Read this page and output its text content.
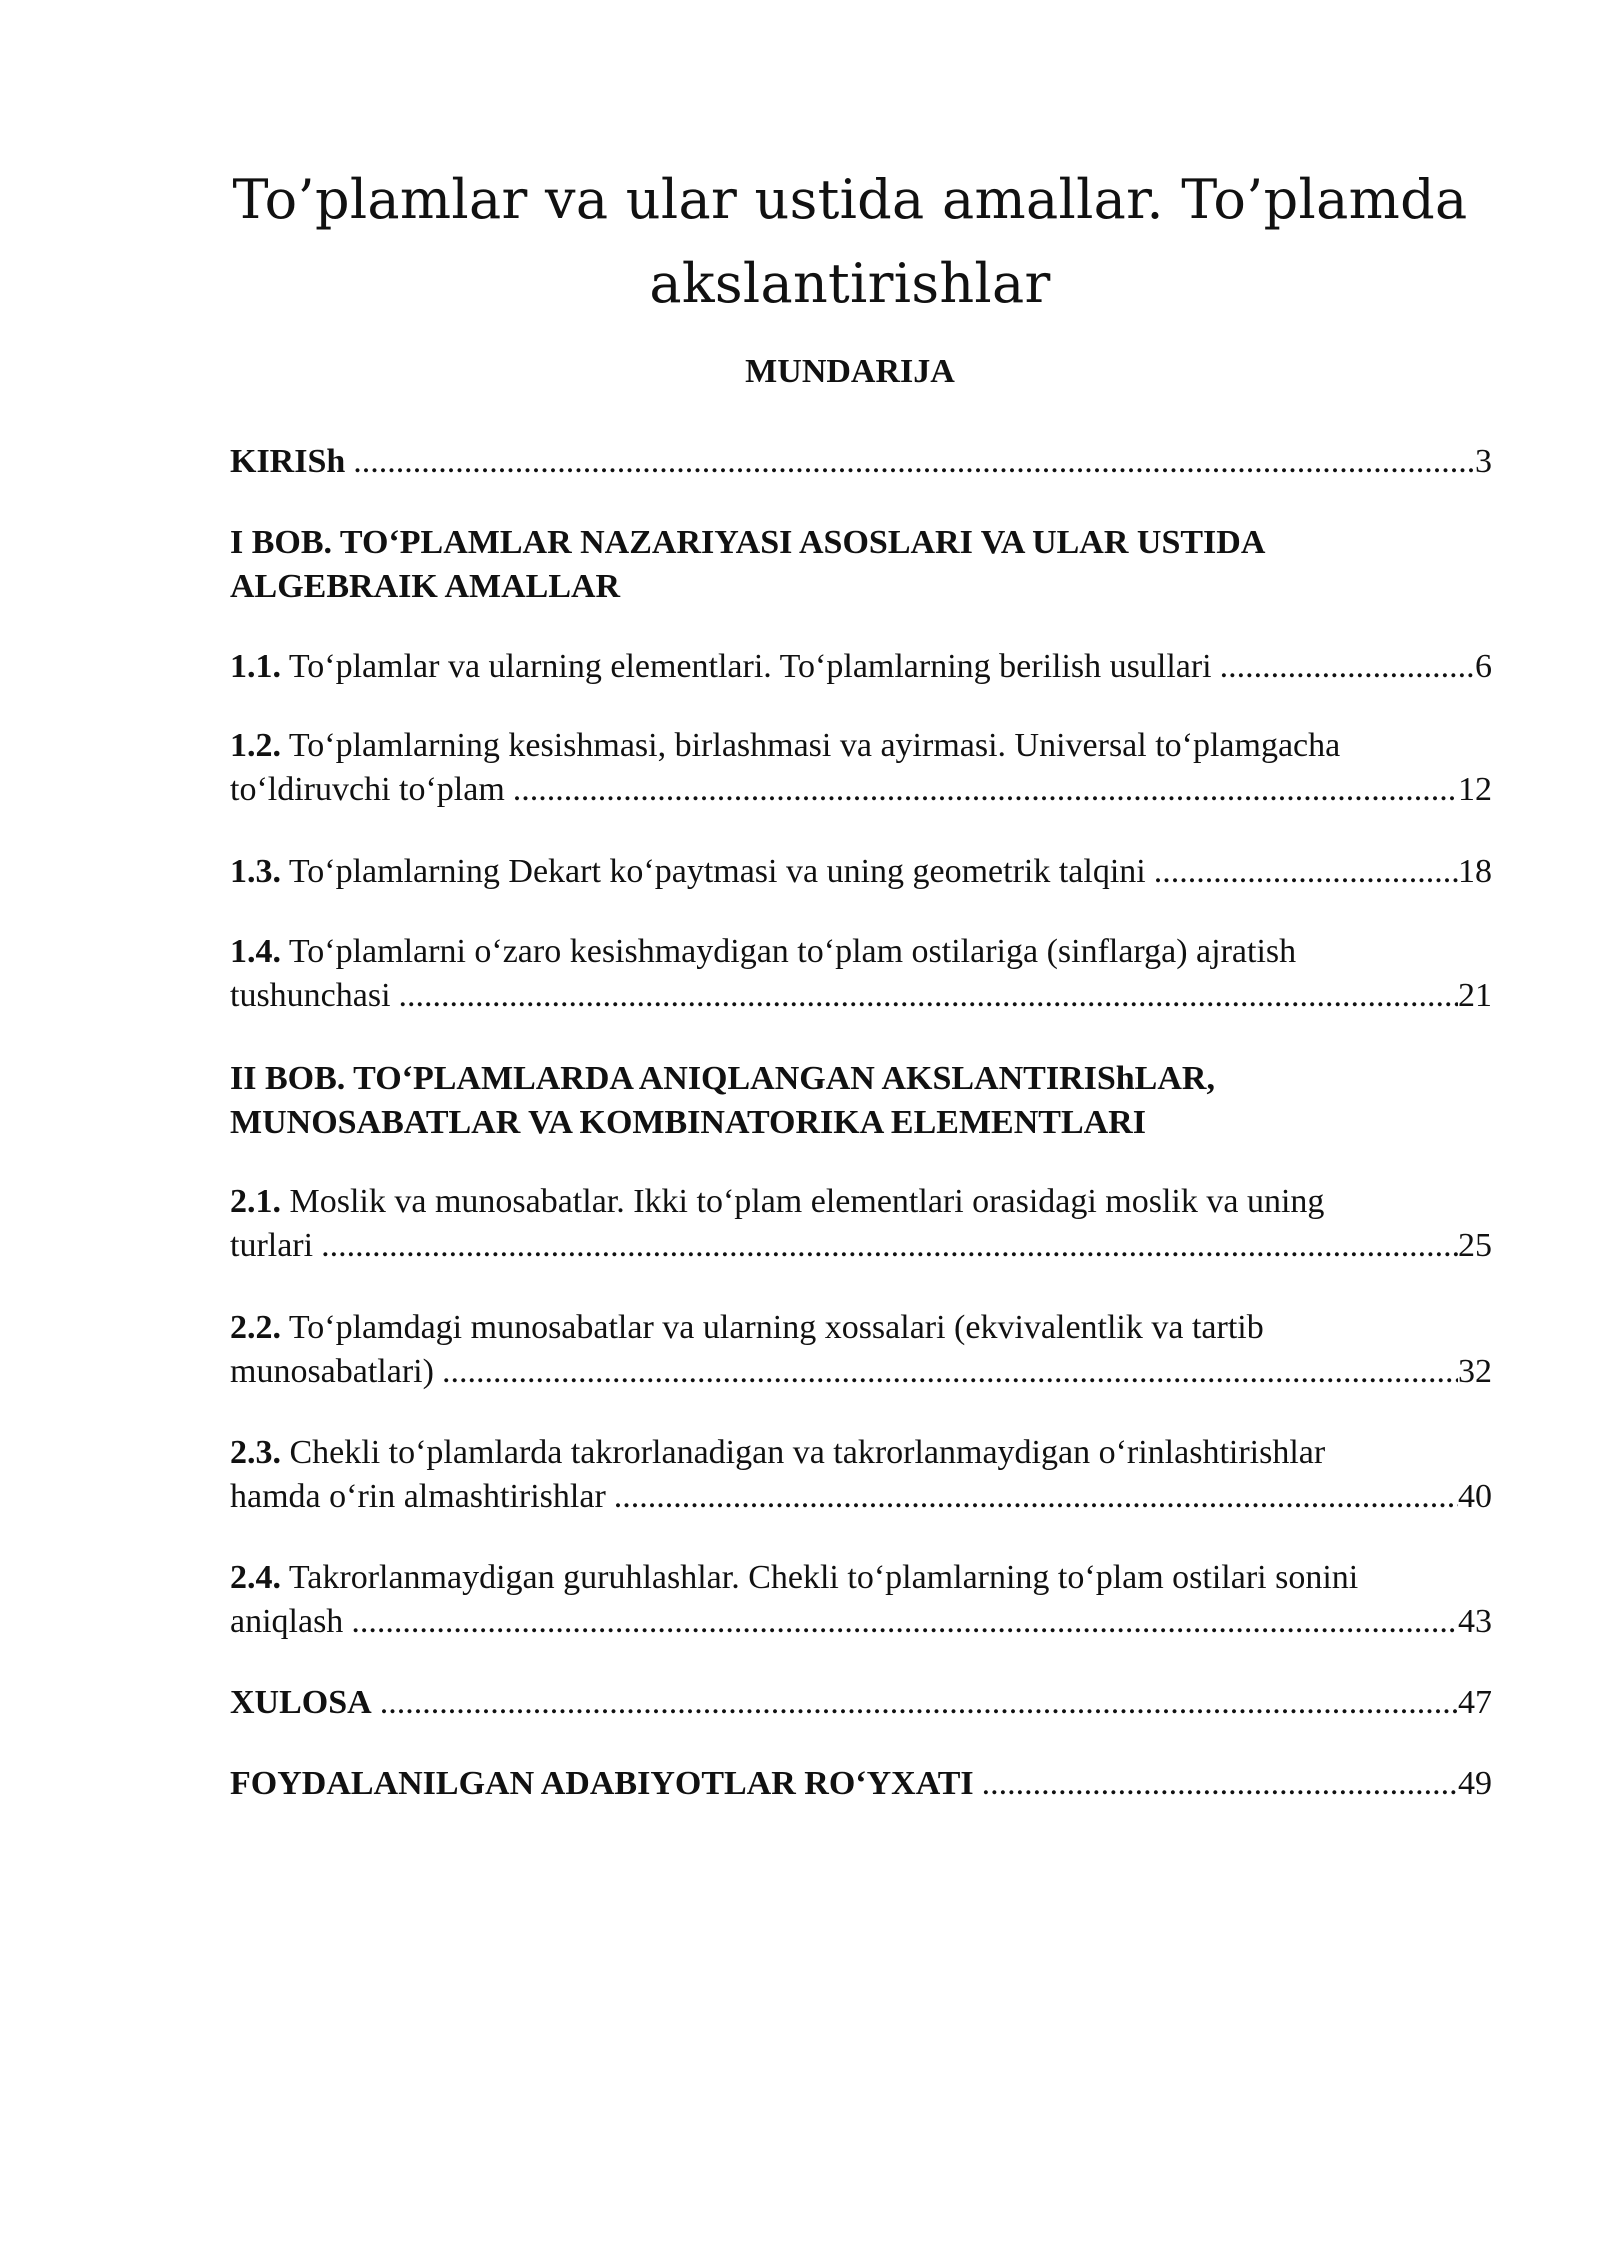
To’plamlar va ular ustida amallar. To’plamda
akslantirishlar
MUNDARIJA
KIRISh .....	3
I BOB. TO‘PLAMLAR NAZARIYASI ASOSLARI VA ULAR USTIDA
ALGEBRAIK AMALLAR
1.1. To‘plamlar va ularning elementlari. To‘plamlarning berilish usullari .....	6
1.2. To‘plamlarning kesishmasi, birlashmasi va ayirmasi. Universal to‘plamgacha
to‘ldiruvchi to‘plam .....	12
1.3. To‘plamlarning Dekart ko‘paytmasi va uning geometrik talqini .....	18
1.4. To‘plamlarni o‘zaro kesishmaydigan to‘plam ostilariga (sinflarga) ajratish
tushunchasi .....	21
II BOB. TO‘PLAMLARDA ANIQLANGAN AKSLANTIRIShLAR,
MUNOSABATLAR VA KOMBINATORIKA ELEMENTLARI
2.1. Moslik va munosabatlar. Ikki to‘plam elementlari orasidagi moslik va uning
turlari .....	25
2.2. To‘plamdagi munosabatlar va ularning xossalari (ekvivalentlik va tartib
munosabatlari) .....	32
2.3. Chekli to‘plamlarda takrorlanadigan va takrorlanmaydigan o‘rinlashtirishlar
hamda o‘rin almashtirishlar .....	40
2.4. Takrorlanmaydigan guruhlashlar. Chekli to‘plamlarning to‘plam ostilari sonini
aniqlash .....	43
XULOSA .....	47
FOYDALANILGAN ADABIYOTLAR RO‘YXATI .....	49
